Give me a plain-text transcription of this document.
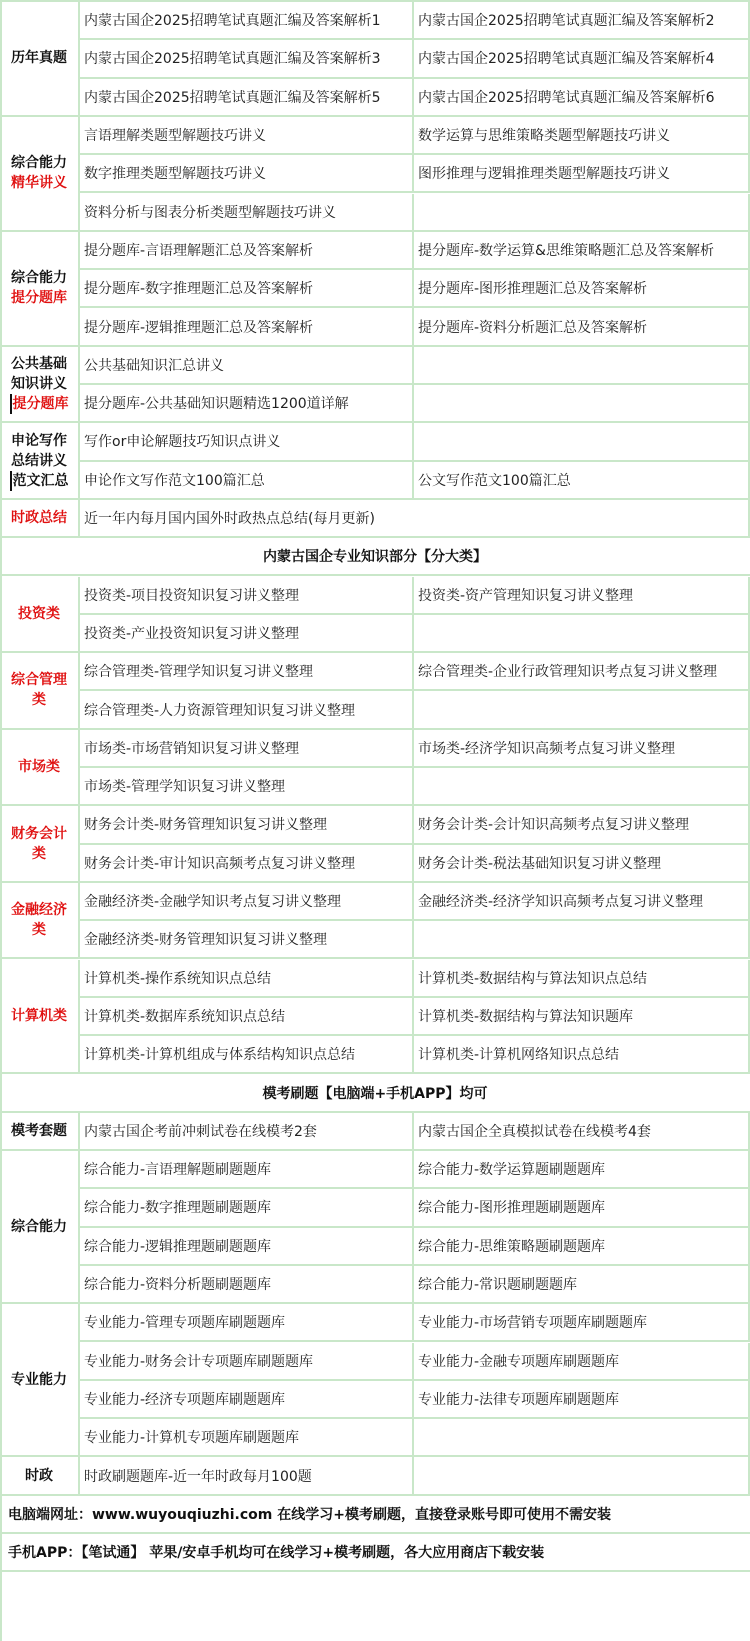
历年真题
内蒙古国企2025招聘笔试真题汇编及答案解析1	内蒙古国企2025招聘笔试真题汇编及答案解析2
内蒙古国企2025招聘笔试真题汇编及答案解析3	内蒙古国企2025招聘笔试真题汇编及答案解析4
内蒙古国企2025招聘笔试真题汇编及答案解析5	内蒙古国企2025招聘笔试真题汇编及答案解析6
综合能力
精华讲义
言语理解类题型解题技巧讲义	数学运算与思维策略类题型解题技巧讲义
数字推理类题型解题技巧讲义	图形推理与逻辑推理类题型解题技巧讲义
资料分析与图表分析类题型解题技巧讲义
综合能力
提分题库
提分题库-言语理解题汇总及答案解析	提分题库-数学运算&思维策略题汇总及答案解析
提分题库-数字推理题汇总及答案解析	提分题库-图形推理题汇总及答案解析
提分题库-逻辑推理题汇总及答案解析	提分题库-资料分析题汇总及答案解析
公共基础
知识讲义
提分题库
公共基础知识汇总讲义
提分题库-公共基础知识题精选1200道详解
申论写作
总结讲义
范文汇总
写作or申论解题技巧知识点讲义
申论作文写作范文100篇汇总	公文写作范文100篇汇总
时政总结 近一年内每月国内国外时政热点总结(每月更新)
内蒙古国企专业知识部分【分大类】
投资类
投资类-项目投资知识复习讲义整理	投资类-资产管理知识复习讲义整理
投资类-产业投资知识复习讲义整理
综合管理
类
综合管理类-管理学知识复习讲义整理	综合管理类-企业行政管理知识考点复习讲义整理
综合管理类-人力资源管理知识复习讲义整理
市场类
市场类-市场营销知识复习讲义整理	市场类-经济学知识高频考点复习讲义整理
市场类-管理学知识复习讲义整理
财务会计
类
财务会计类-财务管理知识复习讲义整理	财务会计类-会计知识高频考点复习讲义整理
财务会计类-审计知识高频考点复习讲义整理	财务会计类-税法基础知识复习讲义整理
金融经济
类
金融经济类-金融学知识考点复习讲义整理	金融经济类-经济学知识高频考点复习讲义整理
金融经济类-财务管理知识复习讲义整理
计算机类
计算机类-操作系统知识点总结	计算机类-数据结构与算法知识点总结
计算机类-数据库系统知识点总结	计算机类-数据结构与算法知识题库
计算机类-计算机组成与体系结构知识点总结	计算机类-计算机网络知识点总结
模考刷题【电脑端+手机APP】均可
模考套题 内蒙古国企考前冲刺试卷在线模考2套	内蒙古国企全真模拟试卷在线模考4套
综合能力
综合能力-言语理解题刷题题库	综合能力-数学运算题刷题题库
综合能力-数字推理题刷题题库	综合能力-图形推理题刷题题库
综合能力-逻辑推理题刷题题库	综合能力-思维策略题刷题题库
综合能力-资料分析题刷题题库	综合能力-常识题刷题题库
专业能力
专业能力-管理专项题库刷题题库	专业能力-市场营销专项题库刷题题库
专业能力-财务会计专项题库刷题题库	专业能力-金融专项题库刷题题库
专业能力-经济专项题库刷题题库	专业能力-法律专项题库刷题题库
专业能力-计算机专项题库刷题题库
时政 时政刷题题库-近一年时政每月100题
电脑端网址：www.wuyouqiuzhi.com 在线学习+模考刷题，直接登录账号即可使用不需安装
手机APP：【笔试通】 苹果/安卓手机均可在线学习+模考刷题，各大应用商店下载安装
